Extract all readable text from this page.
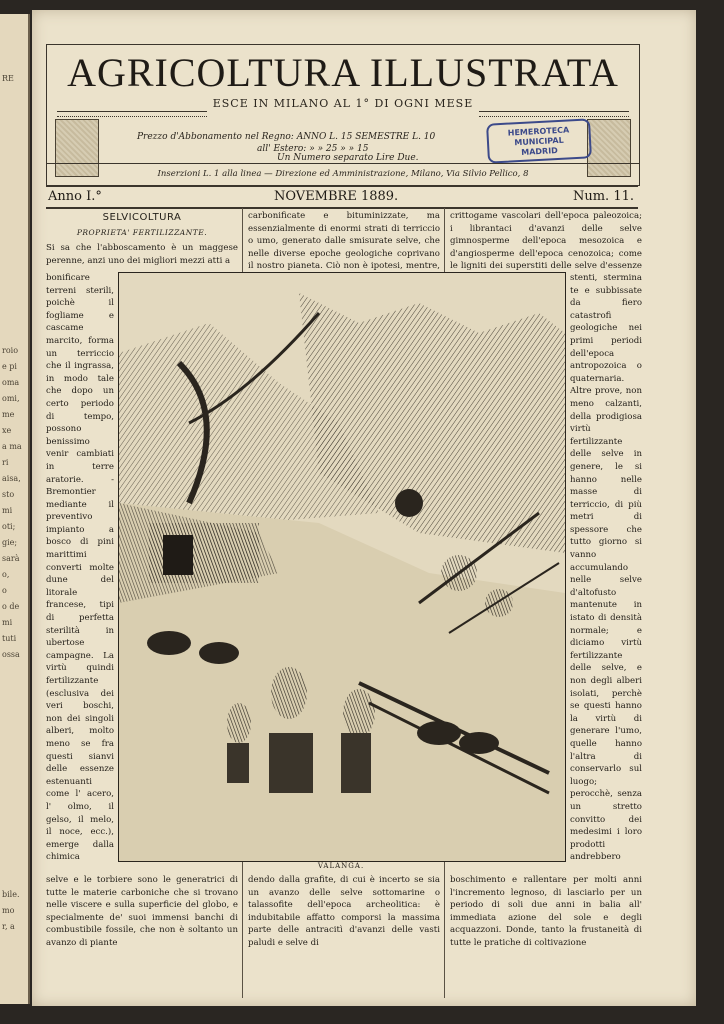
RE
roio
e pi
oma
omi,
me
xe
a ma
ri
aisa,
sto
mi
oti;
gie;
sarà
o,
o
o de
mi
tuti
ossa
bile.
mo
r, a
AGRICOLTURA ILLUSTRATA
ESCE IN MILANO AL 1° DI OGNI MESE
Prezzo d'Abbonamento nel Regno: ANNO L. 15 SEMESTRE L. 10
all' Estero: » » 25 » » 15
Un Numero separato Lire Due.
HEMEROTECA
MUNICIPAL
MADRID
Inserzioni L. 1 alla linea — Direzione ed Amministrazione, Milano, Via Silvio Pellico, 8
Anno I.°	NOVEMBRE 1889.	Num. 11.
SELVICOLTURA
PROPRIETA' FERTILIZZANTE.

Si sa che l'abboscamento è un maggese perenne, anzi uno dei migliori mezzi atti a

bonificare terreni sterili, poichè il fogliame e cascame marcito, forma un terriccio che il ingrassa, in modo tale che dopo un certo periodo di tempo, possono benissimo venir cambiati in terre aratorie. - Bremontier mediante il preventivo impianto a bosco di pini marittimi converti molte dune del litorale francese, tipi di perfetta sterilità in ubertose campagne. La virtù quindi fertilizzante (esclusiva dei veri boschi, non dei singoli alberi, molto meno se fra questi sianvi delle essenze estenuanti come l' acero, l' olmo, il gelso, il melo, il noce, ecc.), emerge dalla chimica

selve e le torbiere sono le generatrici di tutte le materie carboniche che si trovano nelle viscere e sulla superficie del globo, e specialmente de' suoi immensi banchi di combustibile fossile, che non è soltanto un avanzo di piante

carbonificate e bituminizzate, ma essenzialmente di enormi strati di terriccio o umo, generato dalle smisurate selve, che nelle diverse epoche geologiche coprivano il nostro pianeta. Ciò non è ipotesi, mentre,

dendo dalla grafite, di cui è incerto se sia un avanzo delle selve sottomarine o talassofite dell'epoca archeolitica: è indubitabile affatto comporsi la massima parte delle antracitì d'avanzi delle vasti paludi e selve di

crittogame vascolari dell'epoca paleozoica; i librantaci d'avanzi delle selve gimnosperme dell'epoca mesozoica e d'angiosperme dell'epoca cenozoica; come le ligniti dei superstiti delle selve d'essenze

stenti, stermina te e subbissate da fiero catastrofi geologiche nei primi periodi dell'epoca antropozoica o quaternaria. Altre prove, non meno calzanti, della prodigiosa virtù fertilizzante delle selve in genere, le si hanno nelle masse di terriccio, di più metri di spessore che tutto giorno si vanno accumulando nelle selve d'altofusto mantenute in istato di densità normale; e diciamo virtù fertilizzante delle selve, e non degli alberi isolati, perchè se questi hanno la virtù di generare l'umo, quelle hanno l'altra di conservarlo sul luogo; perocchè, senza un stretto convitto dei medesimi i loro prodotti andrebbero

boschimento e rallentare per molti anni l'incremento legnoso, di lasciarlo per un periodo di soli due anni in balia all' immediata azione del sole e degli acquazzoni. Donde, tanto la frustaneità di tutte le pratiche di coltivazione

VALANGA.
